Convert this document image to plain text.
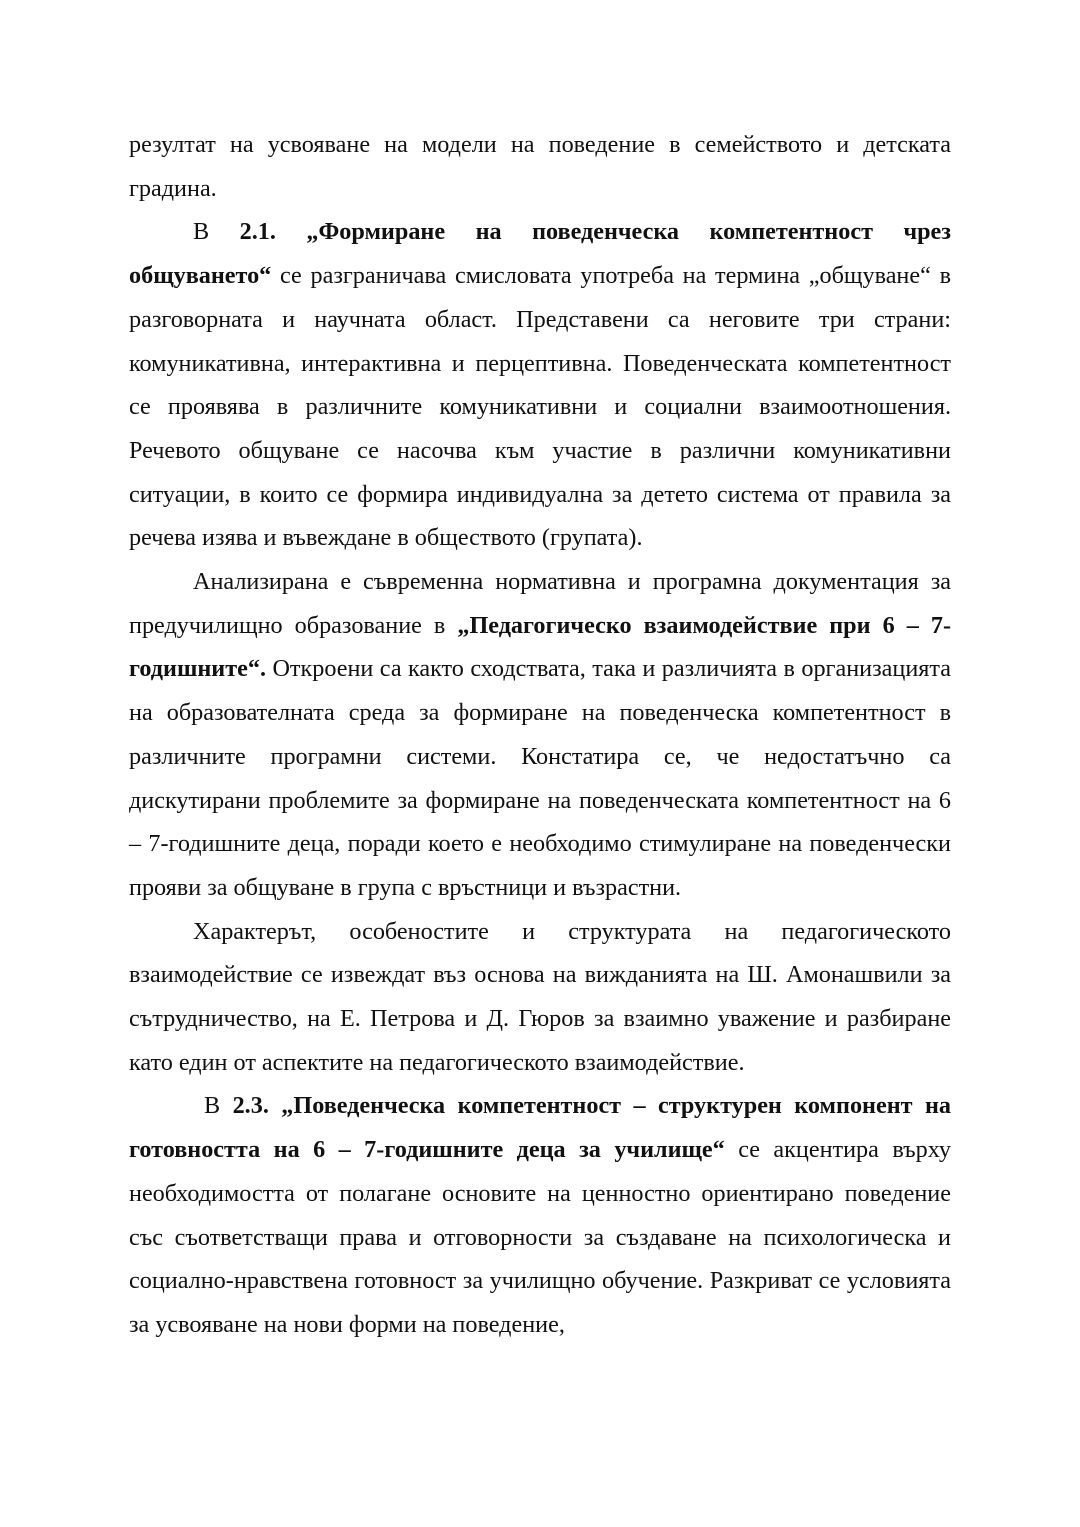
резултат на усвояване на модели на поведение в семейството и детската градина.

В 2.1. „Формиране на поведенческа компетентност чрез общуването“ се разграничава смисловата употреба на термина „общуване“ в разговорната и научната област. Представени са неговите три страни: комуникативна, интерактивна и перцептивна. Поведенческата компетентност се проявява в различните комуникативни и социални взаимоотношения. Речевото общуване се насочва към участие в различни комуникативни ситуации, в които се формира индивидуална за детето система от правила за речева изява и въвеждане в обществото (групата).

Анализирана е съвременна нормативна и програмна документация за предучилищно образование в „Педагогическо взаимодействие при 6 – 7-годишните“. Откроени са както сходствата, така и различията в организацията на образователната среда за формиране на поведенческа компетентност в различните програмни системи. Констатира се, че недостатъчно са дискутирани проблемите за формиране на поведенческата компетентност на 6 – 7-годишните деца, поради което е необходимо стимулиране на поведенчески прояви за общуване в група с връстници и възрастни.

Характерът, особеностите и структурата на педагогическото взаимодействие се извеждат въз основа на вижданията на Ш. Амонашвили за сътрудничество, на Е. Петрова и Д. Гюров за взаимно уважение и разбиране като един от аспектите на педагогическото взаимодействие.

В 2.3. „Поведенческа компетентност – структурен компонент на готовността на 6 – 7-годишните деца за училище“ се акцентира върху необходимостта от полагане основите на ценностно ориентирано поведение със съответстващи права и отговорности за създаване на психологическа и социално-нравствена готовност за училищно обучение. Разкриват се условията за усвояване на нови форми на поведение,
